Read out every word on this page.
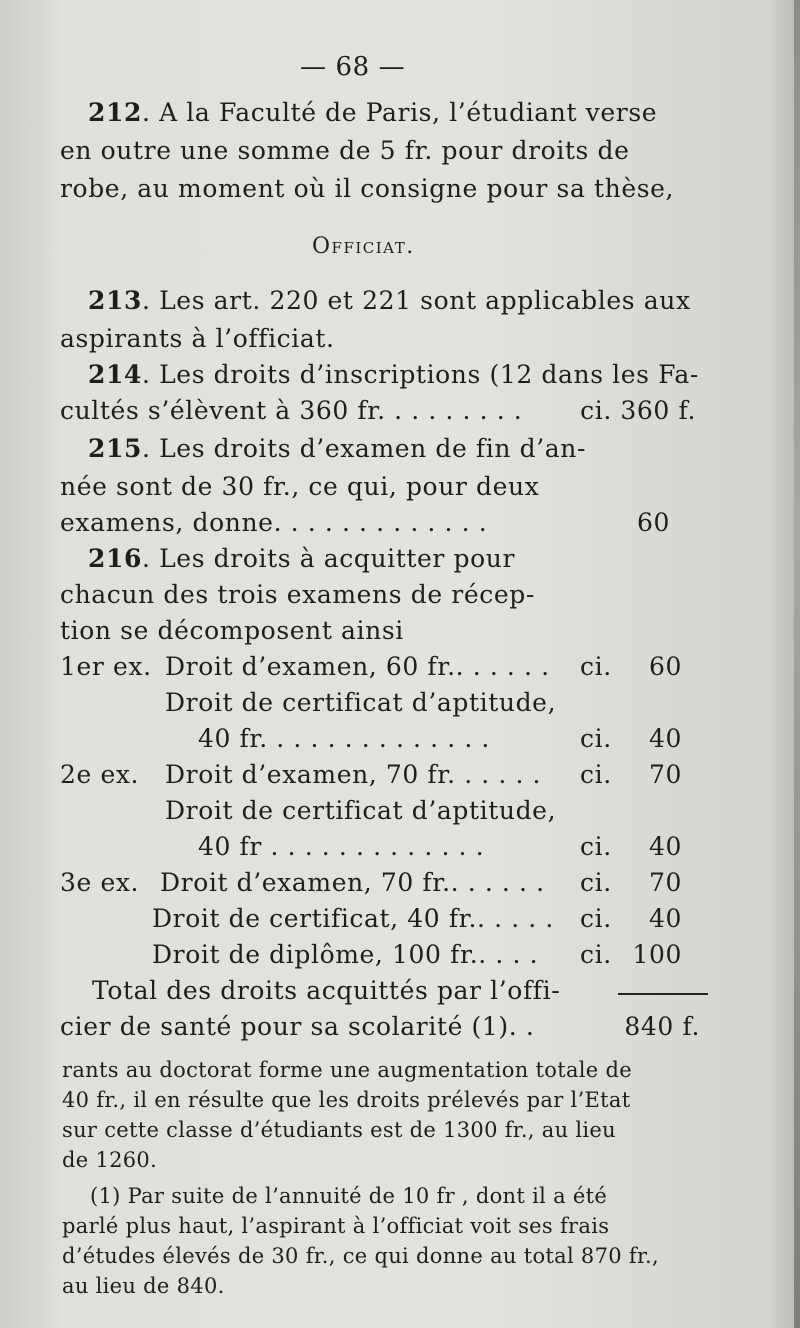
— 68 —
212. A la Faculté de Paris, l’étudiant verse
en outre une somme de 5 fr. pour droits de
robe, au moment où il consigne pour sa thèse,
Officiat.
213. Les art. 220 et 221 sont applicables aux
aspirants à l’officiat.
214. Les droits d’inscriptions (12 dans les Fa-
cultés s’élèvent à 360 fr. . . . . . . . . ci. 360 f.
215. Les droits d’examen de fin d’an-
née sont de 30 fr., ce qui, pour deux
examens, donne. . . . . . . . . . . . .	60
216. Les droits à acquitter pour
chacun des trois examens de récep-
tion se décomposent ainsi
1er ex. Droit d’examen, 60 fr.. . . . . . ci. 60
Droit de certificat d’aptitude,
40 fr. . . . . . . . . . . . . .	ci. 40
2e ex. Droit d’examen, 70 fr. . . . . . ci. 70
Droit de certificat d’aptitude,
40 fr . . . . . . . . . . . . .	ci. 40
3e ex. Droit d’examen, 70 fr.. . . . . . ci. 70
Droit de certificat, 40 fr.. . . . . ci. 40
Droit de diplôme, 100 fr.. . . . ci. 100
Total des droits acquittés par l’offi-
cier de santé pour sa scolarité (1). .	840 f.
rants au doctorat forme une augmentation totale de
40 fr., il en résulte que les droits prélevés par l’Etat
sur cette classe d’étudiants est de 1300 fr., au lieu
de 1260.
(1) Par suite de l’annuité de 10 fr , dont il a été
parlé plus haut, l’aspirant à l’officiat voit ses frais
d’études élevés de 30 fr., ce qui donne au total 870 fr.,
au lieu de 840.
